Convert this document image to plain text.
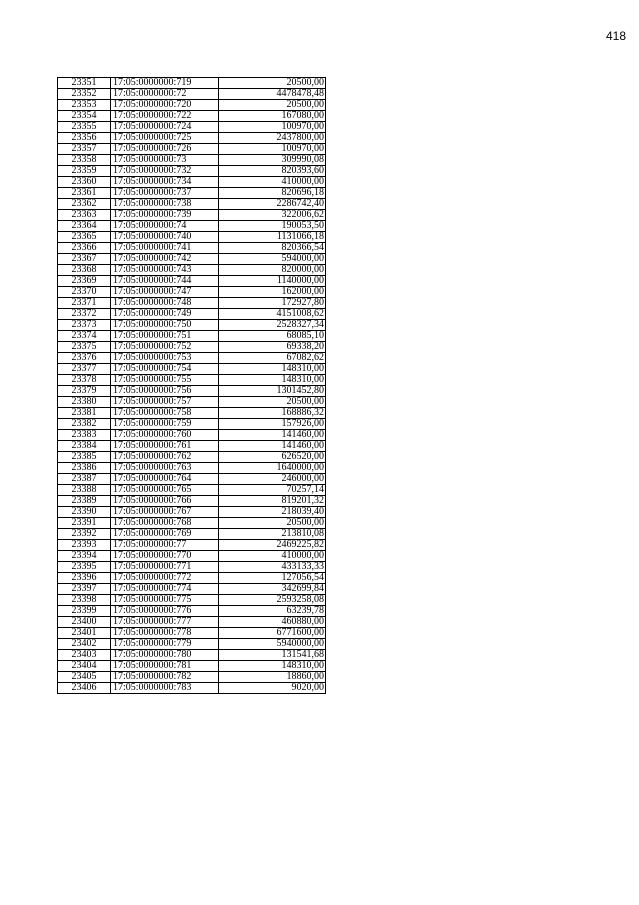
418
23351	17:05:0000000:719	20500,00
23352	17:05:0000000:72	4478478,48
23353	17:05:0000000:720	20500,00
23354	17:05:0000000:722	167080,00
23355	17:05:0000000:724	100970,00
23356	17:05:0000000:725	2437800,00
23357	17:05:0000000:726	100970,00
23358	17:05:0000000:73	309990,08
23359	17:05:0000000:732	820393,60
23360	17:05:0000000:734	410000,00
23361	17:05:0000000:737	820696,18
23362	17:05:0000000:738	2286742,40
23363	17:05:0000000:739	322006,62
23364	17:05:0000000:74	190053,50
23365	17:05:0000000:740	1131066,18
23366	17:05:0000000:741	820366,54
23367	17:05:0000000:742	594000,00
23368	17:05:0000000:743	820000,00
23369	17:05:0000000:744	1140000,00
23370	17:05:0000000:747	162000,00
23371	17:05:0000000:748	172927,80
23372	17:05:0000000:749	4151008,62
23373	17:05:0000000:750	2528327,34
23374	17:05:0000000:751	68085,10
23375	17:05:0000000:752	69338,20
23376	17:05:0000000:753	67082,62
23377	17:05:0000000:754	148310,00
23378	17:05:0000000:755	148310,00
23379	17:05:0000000:756	1301452,80
23380	17:05:0000000:757	20500,00
23381	17:05:0000000:758	168886,32
23382	17:05:0000000:759	157926,00
23383	17:05:0000000:760	141460,00
23384	17:05:0000000:761	141460,00
23385	17:05:0000000:762	626520,00
23386	17:05:0000000:763	1640000,00
23387	17:05:0000000:764	246000,00
23388	17:05:0000000:765	70257,14
23389	17:05:0000000:766	819201,32
23390	17:05:0000000:767	218039,40
23391	17:05:0000000:768	20500,00
23392	17:05:0000000:769	213810,08
23393	17:05:0000000:77	2469225,82
23394	17:05:0000000:770	410000,00
23395	17:05:0000000:771	433133,33
23396	17:05:0000000:772	127056,54
23397	17:05:0000000:774	342699,84
23398	17:05:0000000:775	2593258,08
23399	17:05:0000000:776	63239,78
23400	17:05:0000000:777	460880,00
23401	17:05:0000000:778	6771600,00
23402	17:05:0000000:779	5940000,00
23403	17:05:0000000:780	131541,68
23404	17:05:0000000:781	148310,00
23405	17:05:0000000:782	18860,00
23406	17:05:0000000:783	9020,00
